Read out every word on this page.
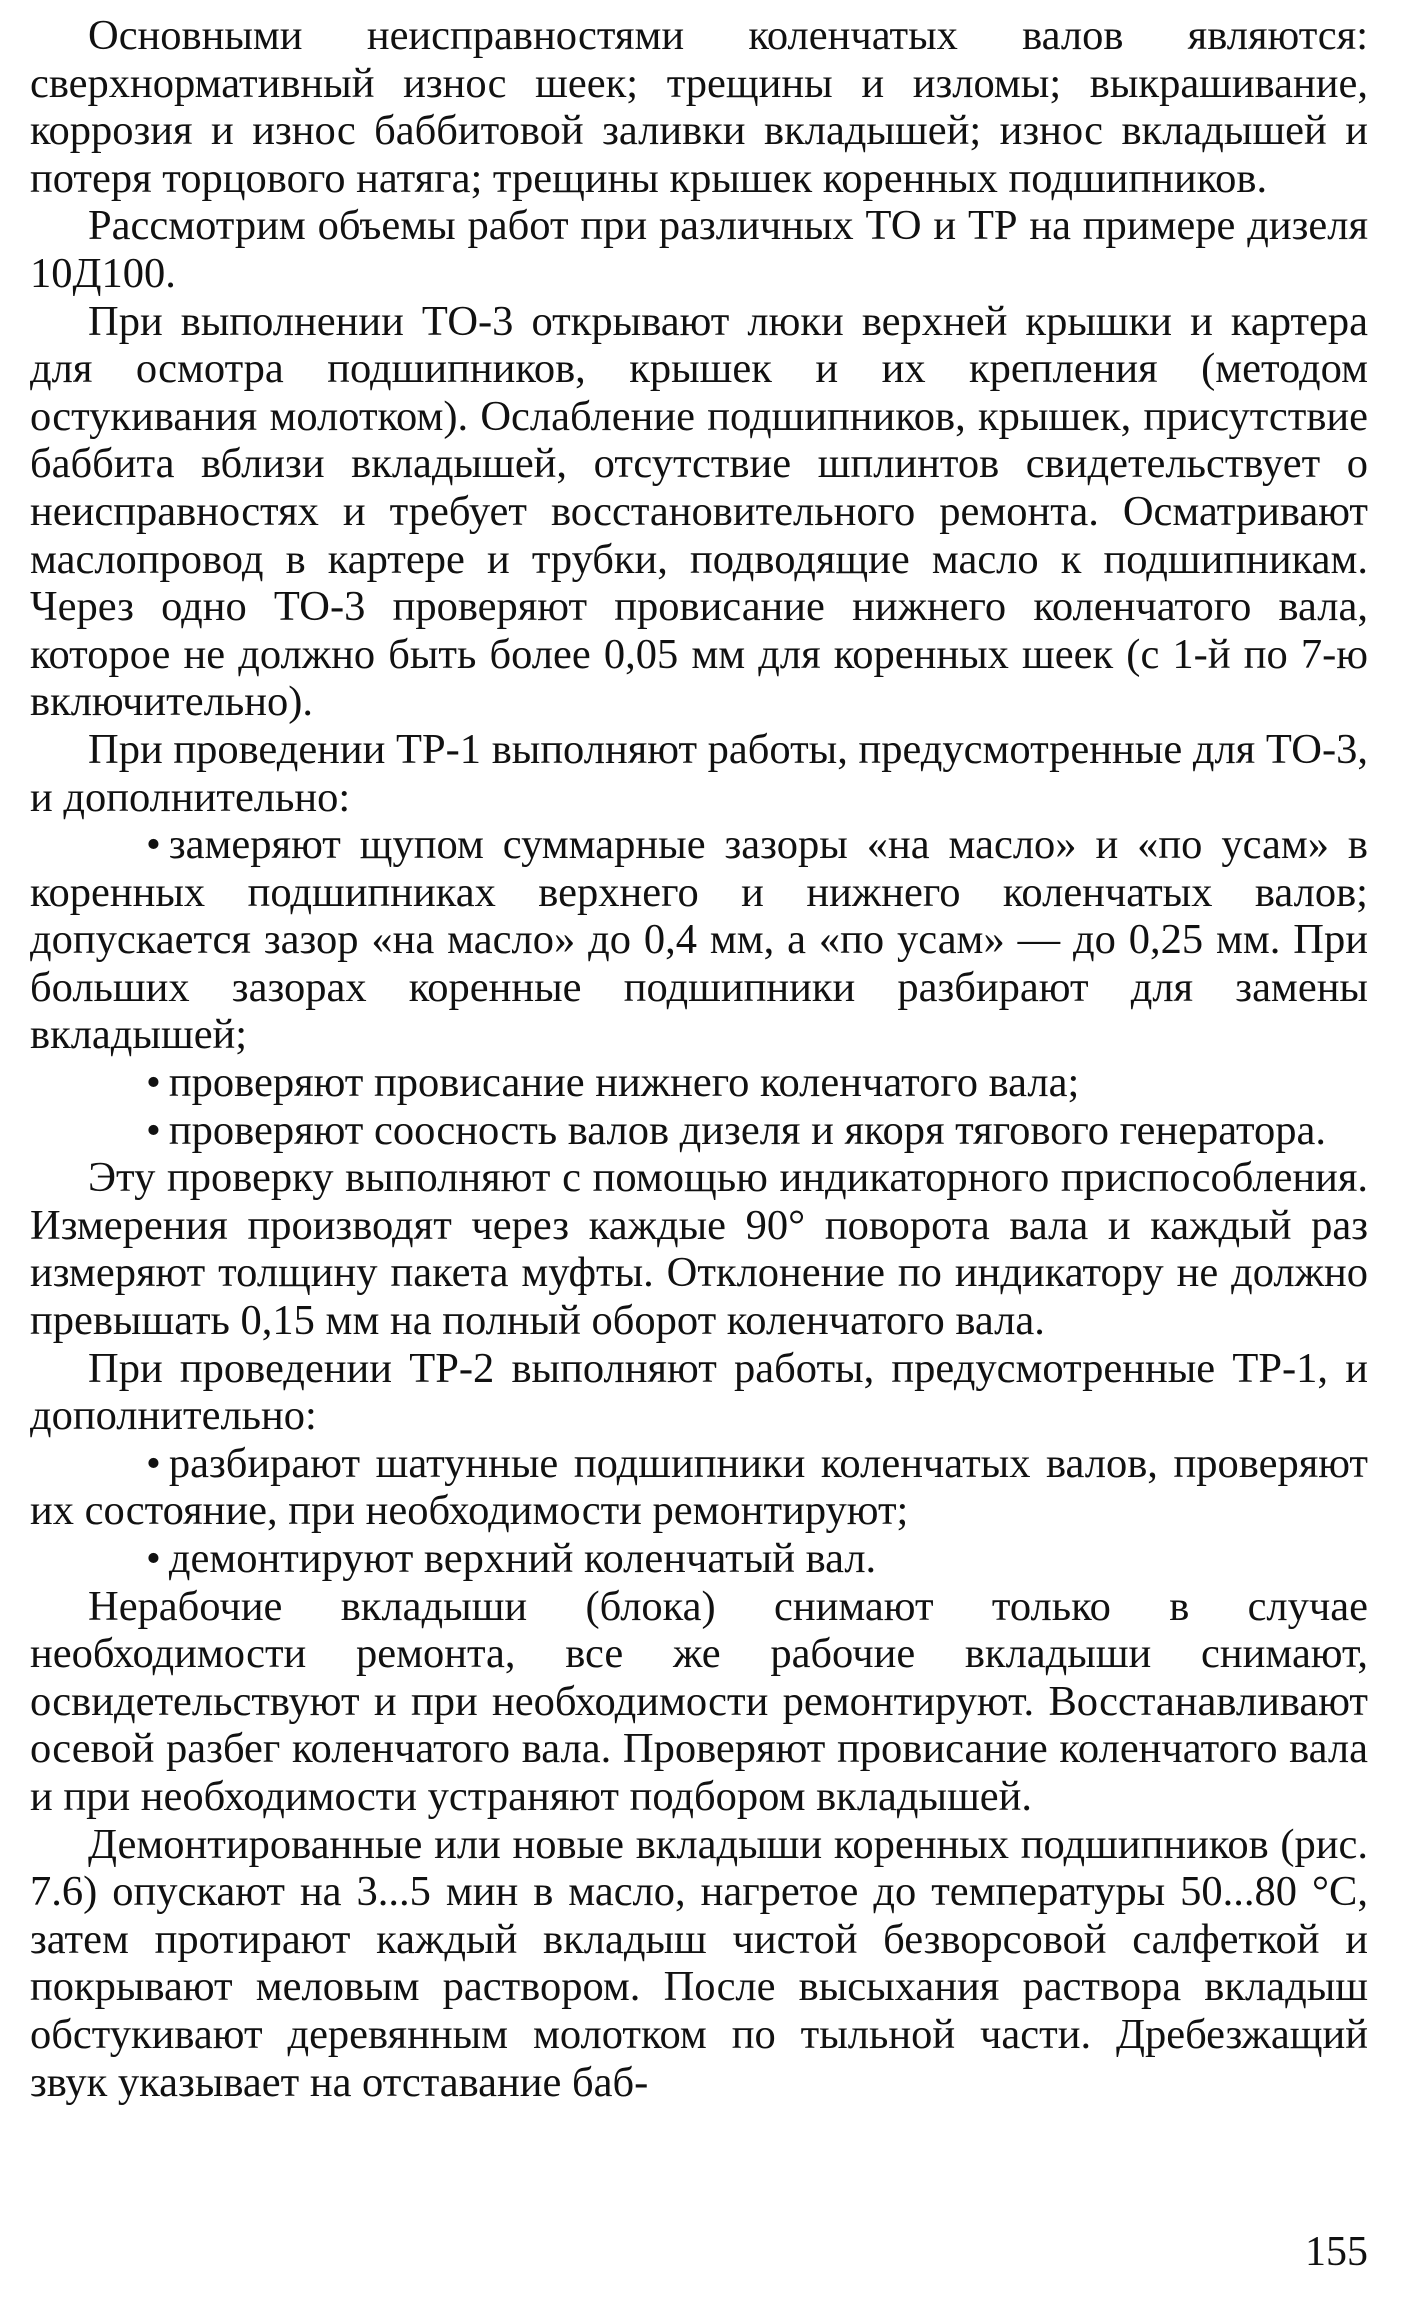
Основными неисправностями коленчатых валов являются: сверхнормативный износ шеек; трещины и изломы; выкрашивание, коррозия и износ баббитовой заливки вкладышей; износ вкладышей и потеря торцового натяга; трещины крышек коренных подшипников.

Рассмотрим объемы работ при различных ТО и ТР на примере дизеля 10Д100.

При выполнении ТО-3 открывают люки верхней крышки и картера для осмотра подшипников, крышек и их крепления (методом остукивания молотком). Ослабление подшипников, крышек, присутствие баббита вблизи вкладышей, отсутствие шплинтов свидетельствует о неисправностях и требует восстановительного ремонта. Осматривают маслопровод в картере и трубки, подводящие масло к подшипникам. Через одно ТО-3 проверяют провисание нижнего коленчатого вала, которое не должно быть более 0,05 мм для коренных шеек (с 1-й по 7-ю включительно).

При проведении ТР-1 выполняют работы, предусмотренные для ТО-3, и дополнительно:

• замеряют щупом суммарные зазоры «на масло» и «по усам» в коренных подшипниках верхнего и нижнего коленчатых валов; допускается зазор «на масло» до 0,4 мм, а «по усам» — до 0,25 мм. При больших зазорах коренные подшипники разбирают для замены вкладышей;

• проверяют провисание нижнего коленчатого вала;

• проверяют соосность валов дизеля и якоря тягового генератора.

Эту проверку выполняют с помощью индикаторного приспособления. Измерения производят через каждые 90° поворота вала и каждый раз измеряют толщину пакета муфты. Отклонение по индикатору не должно превышать 0,15 мм на полный оборот коленчатого вала.

При проведении ТР-2 выполняют работы, предусмотренные ТР-1, и дополнительно:

• разбирают шатунные подшипники коленчатых валов, проверяют их состояние, при необходимости ремонтируют;

• демонтируют верхний коленчатый вал.

Нерабочие вкладыши (блока) снимают только в случае необходимости ремонта, все же рабочие вкладыши снимают, освидетельствуют и при необходимости ремонтируют. Восстанавливают осевой разбег коленчатого вала. Проверяют провисание коленчатого вала и при необходимости устраняют подбором вкладышей.

Демонтированные или новые вкладыши коренных подшипников (рис. 7.6) опускают на 3...5 мин в масло, нагретое до температуры 50...80 °С, затем протирают каждый вкладыш чистой безворсовой салфеткой и покрывают меловым раствором. После высыхания раствора вкладыш обстукивают деревянным молотком по тыльной части. Дребезжащий звук указывает на отставание баб-

155
